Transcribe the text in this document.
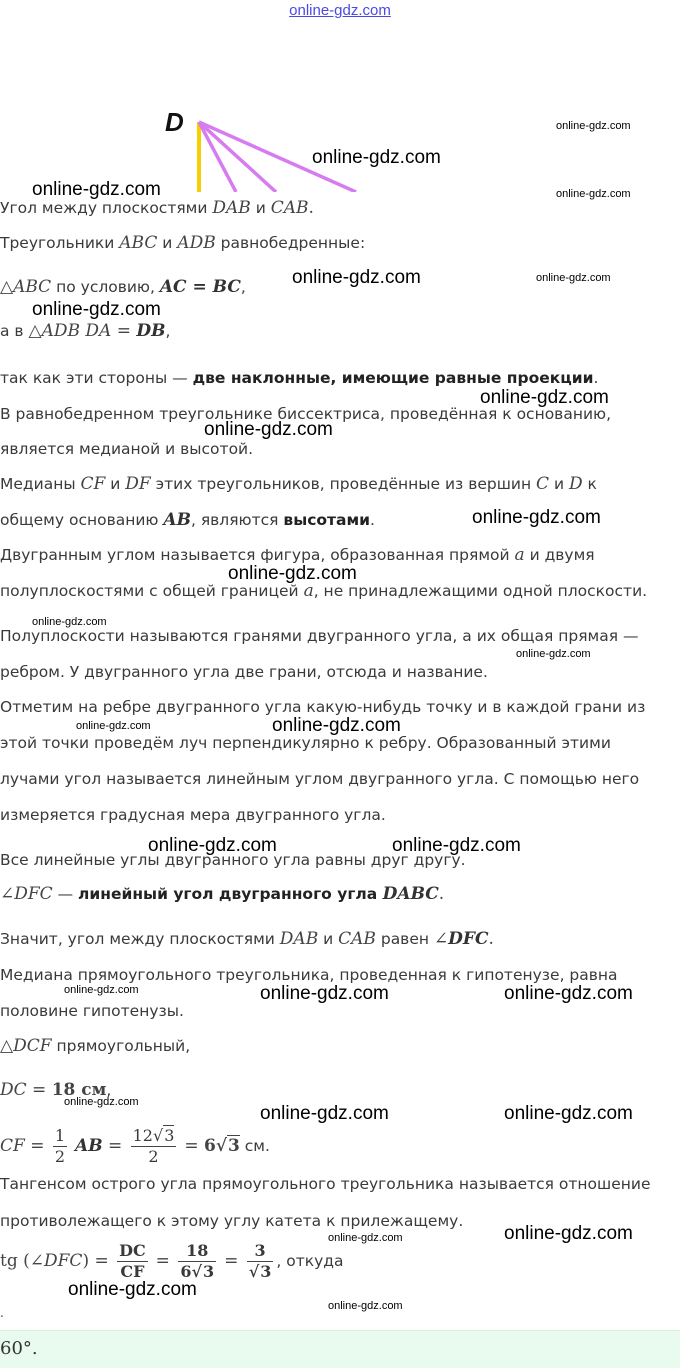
online-gdz.com
D
Угол между плоскостями DAB и CAB.
Треугольники ABC и ADB равнобедренные:
△ABC по условию, AC = BC,
а в △ADB DA = DB,
так как эти стороны — две наклонные, имеющие равные проекции.
В равнобедренном треугольнике биссектриса, проведённая к основанию,
является медианой и высотой.
Медианы CF и DF этих треугольников, проведённые из вершин C и D к
общему основанию AB, являются высотами.
Двугранным углом называется фигура, образованная прямой a и двумя
полуплоскостями с общей границей a, не принадлежащими одной плоскости.
Полуплоскости называются гранями двугранного угла, а их общая прямая —
ребром. У двугранного угла две грани, отсюда и название.
Отметим на ребре двугранного угла какую-нибудь точку и в каждой грани из
этой точки проведём луч перпендикулярно к ребру. Образованный этими
лучами угол называется линейным углом двугранного угла. С помощью него
измеряется градусная мера двугранного угла.
Все линейные углы двугранного угла равны друг другу.
∠DFC — линейный угол двугранного угла DABC.
Значит, угол между плоскостями DAB и CAB равен ∠DFC.
Медиана прямоугольного треугольника, проведенная к гипотенузе, равна
половине гипотенузы.
△DCF прямоугольный,
DC = 18 см,
CF = $\frac{1}{2}$ AB = $\frac{12√3}{2} = 6√3$ см.
Тангенсом острого угла прямоугольного треугольника называется отношение
противолежащего к этому углу катета к прилежащему.
tg (∠DFC) = $\frac{DC}{CF} = \frac{18}{6√3} = \frac{3}{√3}$ , откуда
.
60°.
online-gdz.com
online-gdz.com
online-gdz.com
online-gdz.com
online-gdz.com
online-gdz.com
online-gdz.com
online-gdz.com
online-gdz.com
online-gdz.com	online-gdz.com
online-gdz.com	online-gdz.com
online-gdz.com	online-gdz.com
online-gdz.com
online-gdz.com
online-gdz.com
online-gdz.com
online-gdz.com
online-gdz.com
online-gdz.com
online-gdz.com
online-gdz.com
online-gdz.com
online-gdz.com
online-gdz.com
